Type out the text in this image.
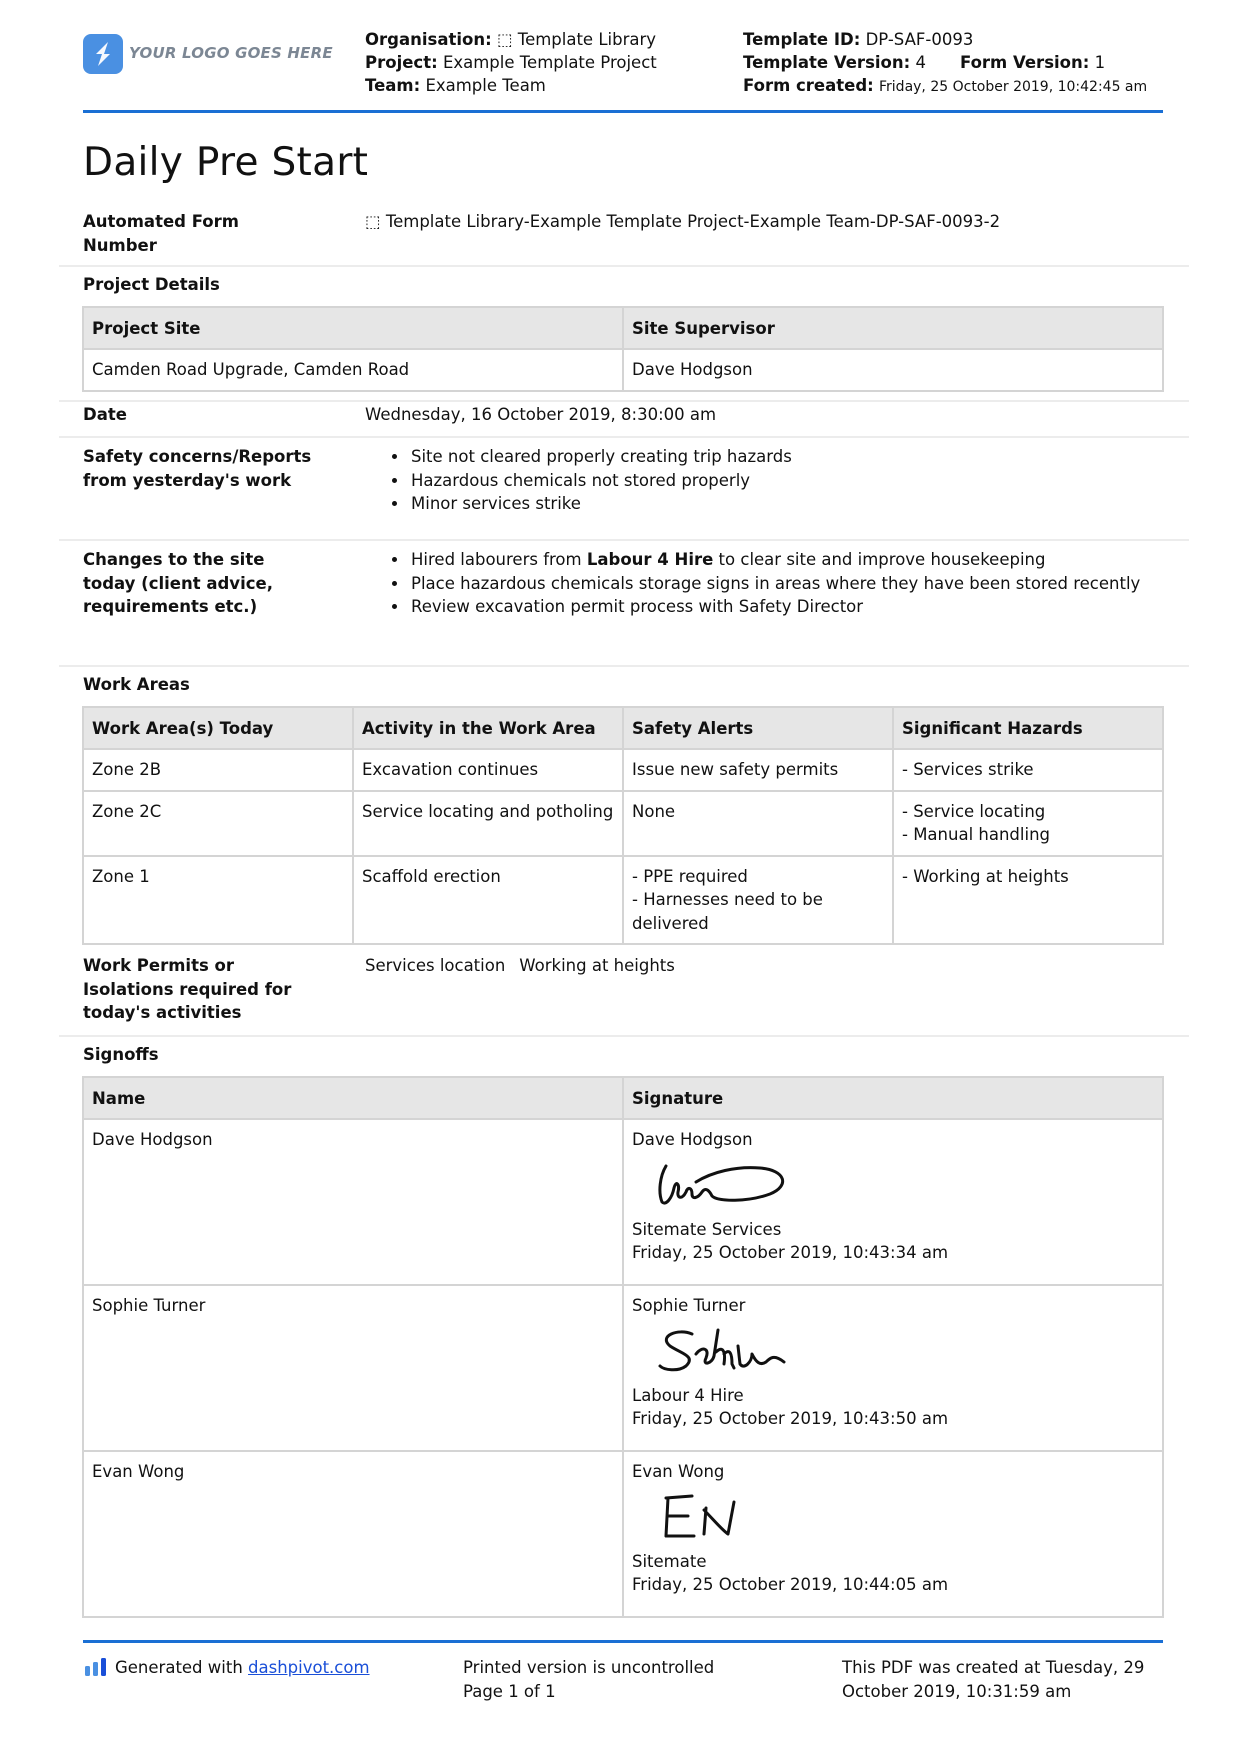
YOUR LOGO GOES HERE
Organisation: ⬚ Template Library
Project: Example Template Project
Team: Example Team
Template ID: DP-SAF-0093
Template Version: 4 Form Version: 1
Form created: Friday, 25 October 2019, 10:42:45 am
Daily Pre Start
Automated Form Number
⬚ Template Library-Example Template Project-Example Team-DP-SAF-0093-2
Project Details
Project Site	Site Supervisor
Camden Road Upgrade, Camden Road	Dave Hodgson
Date	Wednesday, 16 October 2019, 8:30:00 am
Safety concerns/Reports from yesterday's work
• Site not cleared properly creating trip hazards
• Hazardous chemicals not stored properly
• Minor services strike
Changes to the site today (client advice, requirements etc.)
• Hired labourers from Labour 4 Hire to clear site and improve housekeeping
• Place hazardous chemicals storage signs in areas where they have been stored recently
• Review excavation permit process with Safety Director
Work Areas
Work Area(s) Today	Activity in the Work Area	Safety Alerts	Significant Hazards
Zone 2B	Excavation continues	Issue new safety permits	- Services strike
Zone 2C	Service locating and potholing	None	- Service locating
- Manual handling
Zone 1	Scaffold erection	- PPE required
- Harnesses need to be delivered	- Working at heights
Work Permits or Isolations required for today's activities
Services location Working at heights
Signoffs
Name	Signature
Dave Hodgson	Dave Hodgson
Sitemate Services
Friday, 25 October 2019, 10:43:34 am

Sophie Turner	Sophie Turner
Labour 4 Hire
Friday, 25 October 2019, 10:43:50 am

Evan Wong	Evan Wong
Sitemate
Friday, 25 October 2019, 10:44:05 am
Generated with dashpivot.com	Printed version is uncontrolled
Page 1 of 1
This PDF was created at Tuesday, 29 October 2019, 10:31:59 am
